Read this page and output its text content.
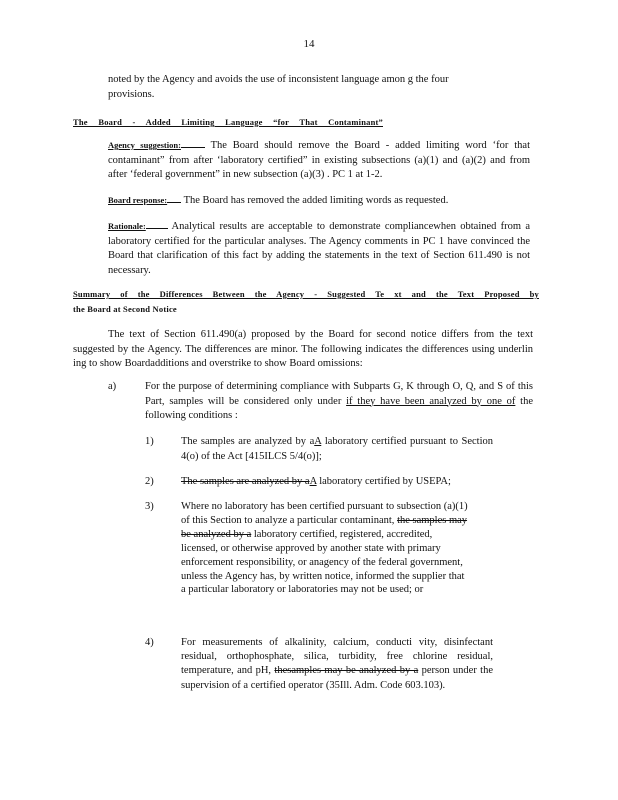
14
noted by the Agency and avoids the use of inconsistent language amon g the four
provisions.
The Board - Added Limiting Language “for That Contaminant”
Agency suggestion:	The Board should remove the Board - added limiting word ‘for that contaminant” from after ‘laboratory certified” in existing subsections (a)(1) and (a)(2) and from after ‘federal government” in new subsection (a)(3) . PC 1 at 1-2.
Board response: The Board has removed the added limiting words as requested.
Rationale: Analytical results are acceptable to demonstrate compliancewhen obtained from a laboratory certified for the particular analyses. The Agency comments in PC 1 have convinced the Board that clarification of this fact by adding the statements in the text of Section 611.490 is not necessary.
Summary of the Differences Between the Agency - Suggested Te xt and the Text Proposed by
the Board at Second Notice
The text of Section 611.490(a) proposed by the Board for second notice differs from the text suggested by the Agency. The differences are minor. The following indicates the differences using underlin ing to show Boardadditions and overstrike to show Board omissions:
a)	For the purpose of determining compliance with Subparts G, K through O, Q, and S of this Part, samples will be considered only under if they have been analyzed by one of the following conditions :
1)	The samples are analyzed by aA laboratory certified pursuant to Section 4(o) of the Act [415ILCS 5/4(o)];
2)	The samples are analyzed by aA laboratory certified by USEPA;
3)	Where no laboratory has been certified pursuant to subsection (a)(1) of this Section to analyze a particular contaminant, the samples may be analyzed by a laboratory certified, registered, accredited, licensed, or otherwise approved by another state with primary enforcement responsibility, or anagency of the federal government, unless the Agency has, by written notice, informed the supplier that a particular laboratory or laboratories may not be used; or
4)	For measurements of alkalinity, calcium, conducti vity, disinfectant residual, orthophosphate, silica, turbidity, free chlorine residual, temperature, and pH, thesamples may be analyzed by a person under the supervision of a certified operator (35Ill. Adm. Code 603.103).
